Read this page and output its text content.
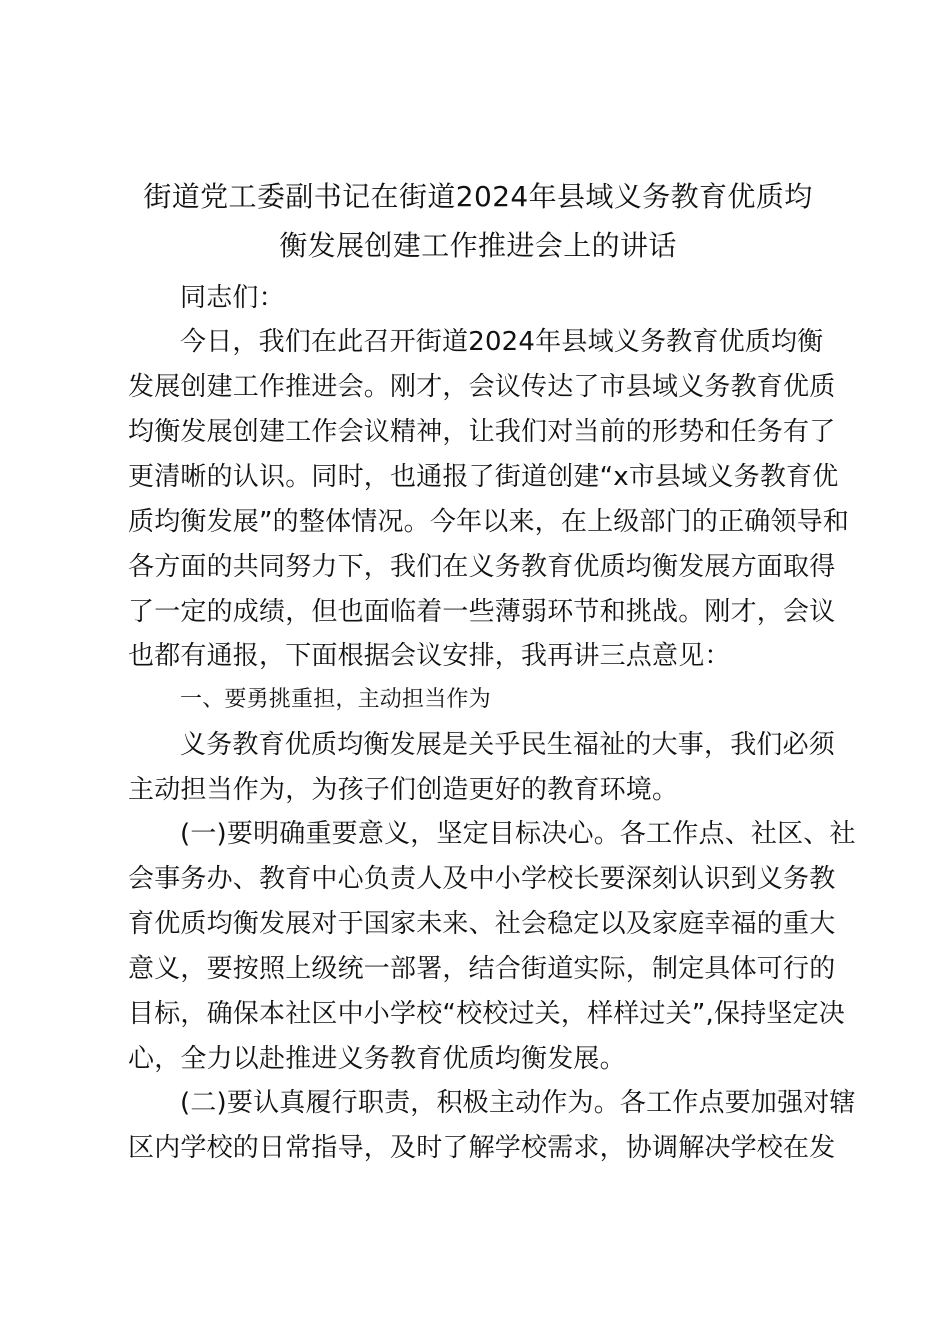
街道党工委副书记在街道2024年县域义务教育优质均
衡发展创建工作推进会上的讲话
同志们：
今日，我们在此召开街道2024年县域义务教育优质均衡
发展创建工作推进会。刚才，会议传达了市县域义务教育优质
均衡发展创建工作会议精神，让我们对当前的形势和任务有了
更清晰的认识。同时，也通报了街道创建“x市县域义务教育优
质均衡发展”的整体情况。今年以来，在上级部门的正确领导和
各方面的共同努力下，我们在义务教育优质均衡发展方面取得
了一定的成绩，但也面临着一些薄弱环节和挑战。刚才，会议
也都有通报，下面根据会议安排，我再讲三点意见：
一、要勇挑重担，主动担当作为
义务教育优质均衡发展是关乎民生福祉的大事，我们必须
主动担当作为，为孩子们创造更好的教育环境。
(一)要明确重要意义，坚定目标决心。各工作点、社区、社
会事务办、教育中心负责人及中小学校长要深刻认识到义务教
育优质均衡发展对于国家未来、社会稳定以及家庭幸福的重大
意义，要按照上级统一部署，结合街道实际，制定具体可行的
目标，确保本社区中小学校“校校过关，样样过关”,保持坚定决
心，全力以赴推进义务教育优质均衡发展。
(二)要认真履行职责，积极主动作为。各工作点要加强对辖
区内学校的日常指导，及时了解学校需求，协调解决学校在发
